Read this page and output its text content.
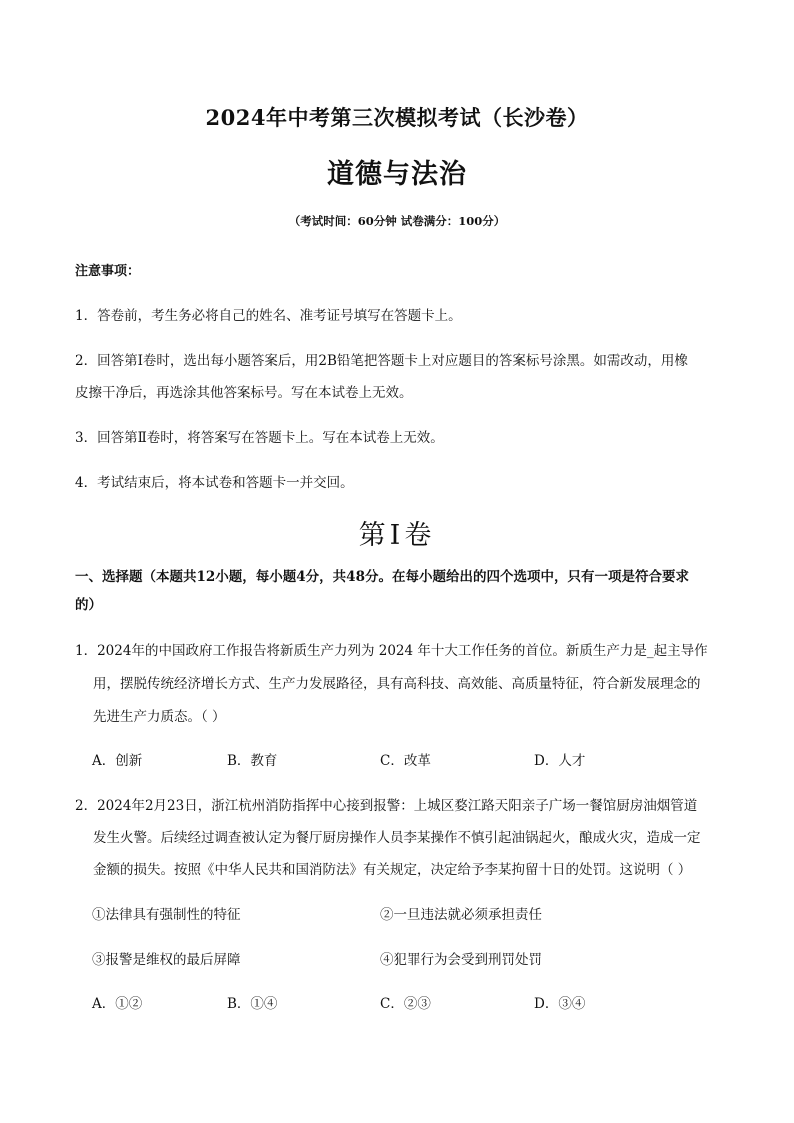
2024年中考第三次模拟考试（长沙卷）
道德与法治
（考试时间：60分钟 试卷满分：100分）
注意事项：
1．答卷前，考生务必将自己的姓名、准考证号填写在答题卡上。
2．回答第Ⅰ卷时，选出每小题答案后，用2B铅笔把答题卡上对应题目的答案标号涂黑。如需改动，用橡
皮擦干净后，再选涂其他答案标号。写在本试卷上无效。
3．回答第Ⅱ卷时，将答案写在答题卡上。写在本试卷上无效。
4．考试结束后，将本试卷和答题卡一并交回。
第Ⅰ卷
一、选择题（本题共12小题，每小题4分，共48分。在每小题给出的四个选项中，只有一项是符合要求
的）
1．2024年的中国政府工作报告将新质生产力列为 2024 年十大工作任务的首位。新质生产力是_起主导作
用，摆脱传统经济增长方式、生产力发展路径，具有高科技、高效能、高质量特征，符合新发展理念的
先进生产力质态。（ ）
A．创新	B．教育	C．改革	D．人才
2．2024年2月23日，浙江杭州消防指挥中心接到报警：上城区婺江路天阳亲子广场一餐馆厨房油烟管道
发生火警。后续经过调查被认定为餐厅厨房操作人员李某操作不慎引起油锅起火，酿成火灾，造成一定
金额的损失。按照《中华人民共和国消防法》有关规定，决定给予李某拘留十日的处罚。这说明（ ）
①法律具有强制性的特征	②一旦违法就必须承担责任
③报警是维权的最后屏障	④犯罪行为会受到刑罚处罚
A．①②	B．①④	C．②③	D．③④
